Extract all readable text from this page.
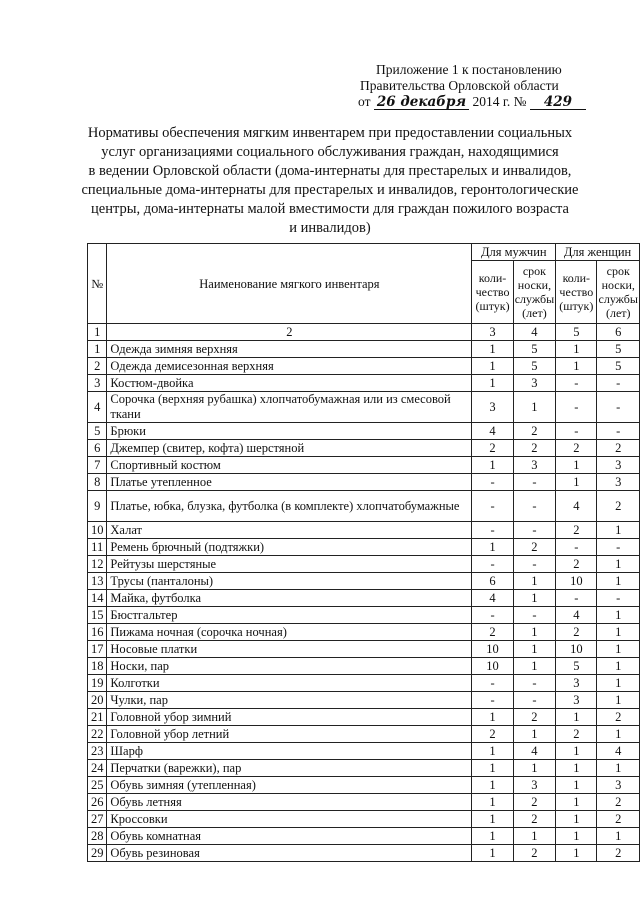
Приложение 1 к постановлению
Правительства Орловской области
от 26 декабря 2014 г. № 429
Нормативы обеспечения мягким инвентарем при предоставлении социальных
услуг организациями социального обслуживания граждан, находящимися
в ведении Орловской области (дома-интернаты для престарелых и инвалидов,
специальные дома-интернаты для престарелых и инвалидов, геронтологические
центры, дома-интернаты малой вместимости для граждан пожилого возраста
и инвалидов)
№	Наименование мягкого инвентаря	Для мужчин		Для женщин	
		коли-чество (штук)	срок носки, службы (лет)	коли-чество (штук)	срок носки, службы (лет)
1	2	3	4	5	6
1	Одежда зимняя верхняя	1	5	1	5
2	Одежда демисезонная верхняя	1	5	1	5
3	Костюм-двойка	1	3	-	-
4	Сорочка (верхняя рубашка) хлопчатобумажная или из смесовой ткани	3	1	-	-
5	Брюки	4	2	-	-
6	Джемпер (свитер, кофта) шерстяной	2	2	2	2
7	Спортивный костюм	1	3	1	3
8	Платье утепленное	-	-	1	3
9	Платье, юбка, блузка, футболка (в комплекте) хлопчатобумажные	-	-	4	2
10	Халат	-	-	2	1
11	Ремень брючный (подтяжки)	1	2	-	-
12	Рейтузы шерстяные	-	-	2	1
13	Трусы (панталоны)	6	1	10	1
14	Майка, футболка	4	1	-	-
15	Бюстгальтер	-	-	4	1
16	Пижама ночная (сорочка ночная)	2	1	2	1
17	Носовые платки	10	1	10	1
18	Носки, пар	10	1	5	1
19	Колготки	-	-	3	1
20	Чулки, пар	-	-	3	1
21	Головной убор зимний	1	2	1	2
22	Головной убор летний	2	1	2	1
23	Шарф	1	4	1	4
24	Перчатки (варежки), пар	1	1	1	1
25	Обувь зимняя (утепленная)	1	3	1	3
26	Обувь летняя	1	2	1	2
27	Кроссовки	1	2	1	2
28	Обувь комнатная	1	1	1	1
29	Обувь резиновая	1	2	1	2
